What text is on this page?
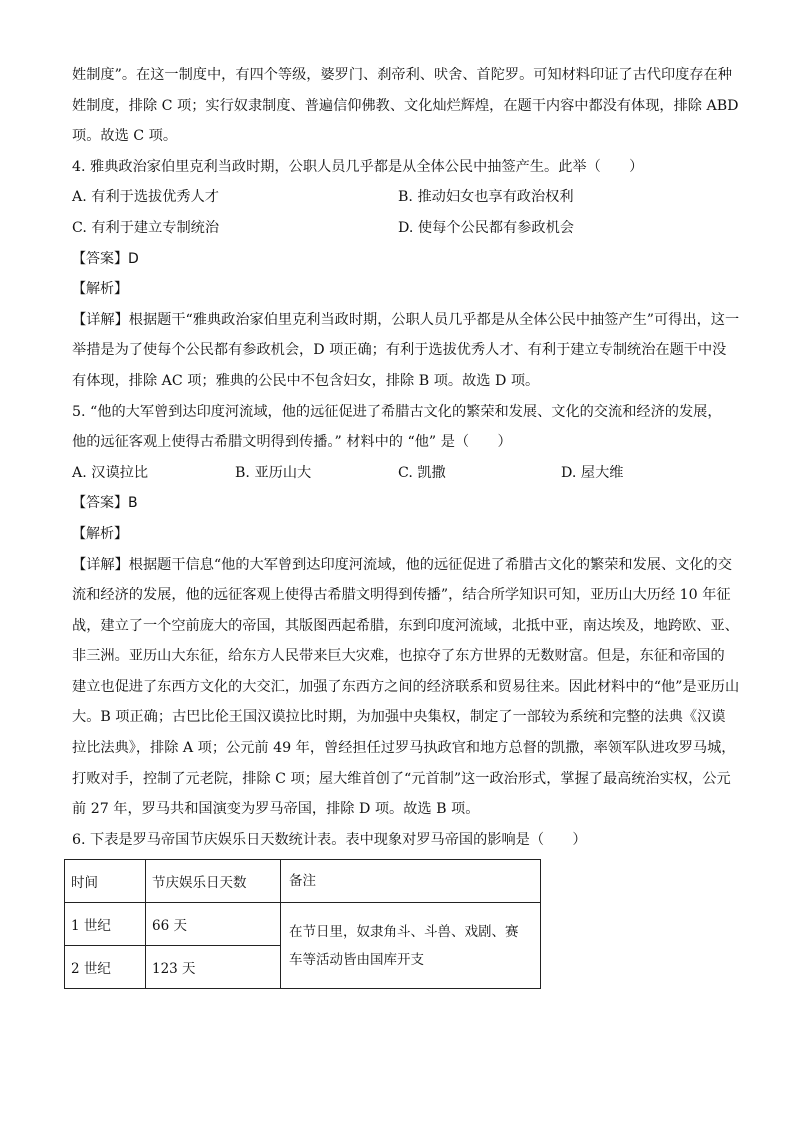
姓制度”。在这一制度中，有四个等级，婆罗门、刹帝利、吠舍、首陀罗。可知材料印证了古代印度存在种
姓制度，排除 C 项；实行奴隶制度、普遍信仰佛教、文化灿烂辉煌，在题干内容中都没有体现，排除 ABD
项。故选 C 项。
4. 雅典政治家伯里克利当政时期，公职人员几乎都是从全体公民中抽签产生。此举（　　）
A. 有利于选拔优秀人才	B. 推动妇女也享有政治权利
C. 有利于建立专制统治	D. 使每个公民都有参政机会
【答案】D
【解析】
【详解】根据题干“雅典政治家伯里克利当政时期，公职人员几乎都是从全体公民中抽签产生”可得出，这一
举措是为了使每个公民都有参政机会，D 项正确；有利于选拔优秀人才、有利于建立专制统治在题干中没
有体现，排除 AC 项；雅典的公民中不包含妇女，排除 B 项。故选 D 项。
5. “他的大军曾到达印度河流域，他的远征促进了希腊古文化的繁荣和发展、文化的交流和经济的发展，
他的远征客观上使得古希腊文明得到传播。” 材料中的 “他” 是（　　）
A. 汉谟拉比	B. 亚历山大	C. 凯撒	D. 屋大维
【答案】B
【解析】
【详解】根据题干信息“他的大军曾到达印度河流域，他的远征促进了希腊古文化的繁荣和发展、文化的交
流和经济的发展，他的远征客观上使得古希腊文明得到传播”，结合所学知识可知，亚历山大历经 10 年征
战，建立了一个空前庞大的帝国，其版图西起希腊，东到印度河流域，北抵中亚，南达埃及，地跨欧、亚、
非三洲。亚历山大东征，给东方人民带来巨大灾难，也掠夺了东方世界的无数财富。但是，东征和帝国的
建立也促进了东西方文化的大交汇，加强了东西方之间的经济联系和贸易往来。因此材料中的“他”是亚历山
大。B 项正确；古巴比伦王国汉谟拉比时期，为加强中央集权，制定了一部较为系统和完整的法典《汉谟
拉比法典》，排除 A 项；公元前 49 年，曾经担任过罗马执政官和地方总督的凯撒，率领军队进攻罗马城，
打败对手，控制了元老院，排除 C 项；屋大维首创了“元首制”这一政治形式，掌握了最高统治实权，公元
前 27 年，罗马共和国演变为罗马帝国，排除 D 项。故选 B 项。
6. 下表是罗马帝国节庆娱乐日天数统计表。表中现象对罗马帝国的影响是（　　）
时间	节庆娱乐日天数	备注
1 世纪	66 天	在节日里，奴隶角斗、斗兽、戏剧、赛
车等活动皆由国库开支

2 世纪	123 天	
